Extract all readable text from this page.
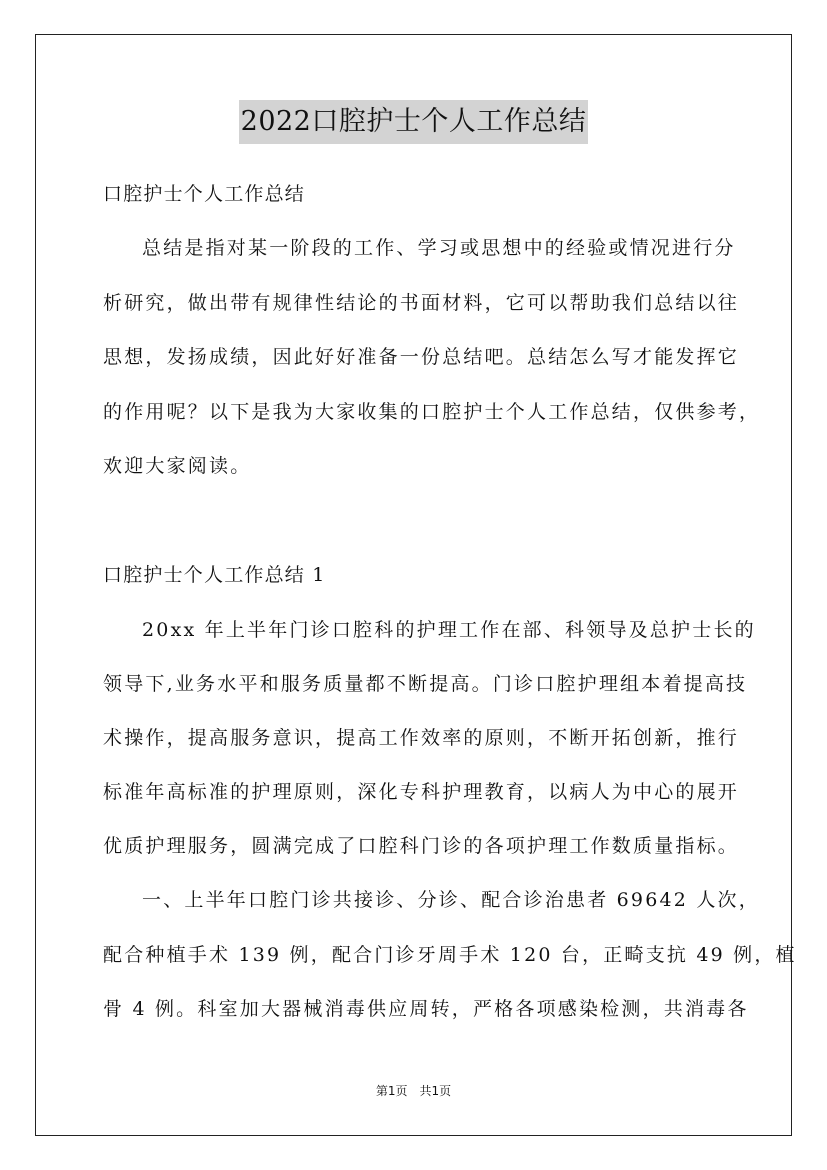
2022口腔护士个人工作总结
口腔护士个人工作总结
总结是指对某一阶段的工作、学习或思想中的经验或情况进行分
析研究，做出带有规律性结论的书面材料，它可以帮助我们总结以往
思想，发扬成绩，因此好好准备一份总结吧。总结怎么写才能发挥它
的作用呢？以下是我为大家收集的口腔护士个人工作总结，仅供参考，
欢迎大家阅读。
口腔护士个人工作总结 1
20xx 年上半年门诊口腔科的护理工作在部、科领导及总护士长的
领导下,业务水平和服务质量都不断提高。门诊口腔护理组本着提高技
术操作，提高服务意识，提高工作效率的原则，不断开拓创新，推行
标准年高标准的护理原则，深化专科护理教育，以病人为中心的展开
优质护理服务，圆满完成了口腔科门诊的各项护理工作数质量指标。
一、上半年口腔门诊共接诊、分诊、配合诊治患者 69642 人次，
配合种植手术 139 例，配合门诊牙周手术 120 台，正畸支抗 49 例，植
骨 4 例。科室加大器械消毒供应周转，严格各项感染检测，共消毒各
第1页 共1页
